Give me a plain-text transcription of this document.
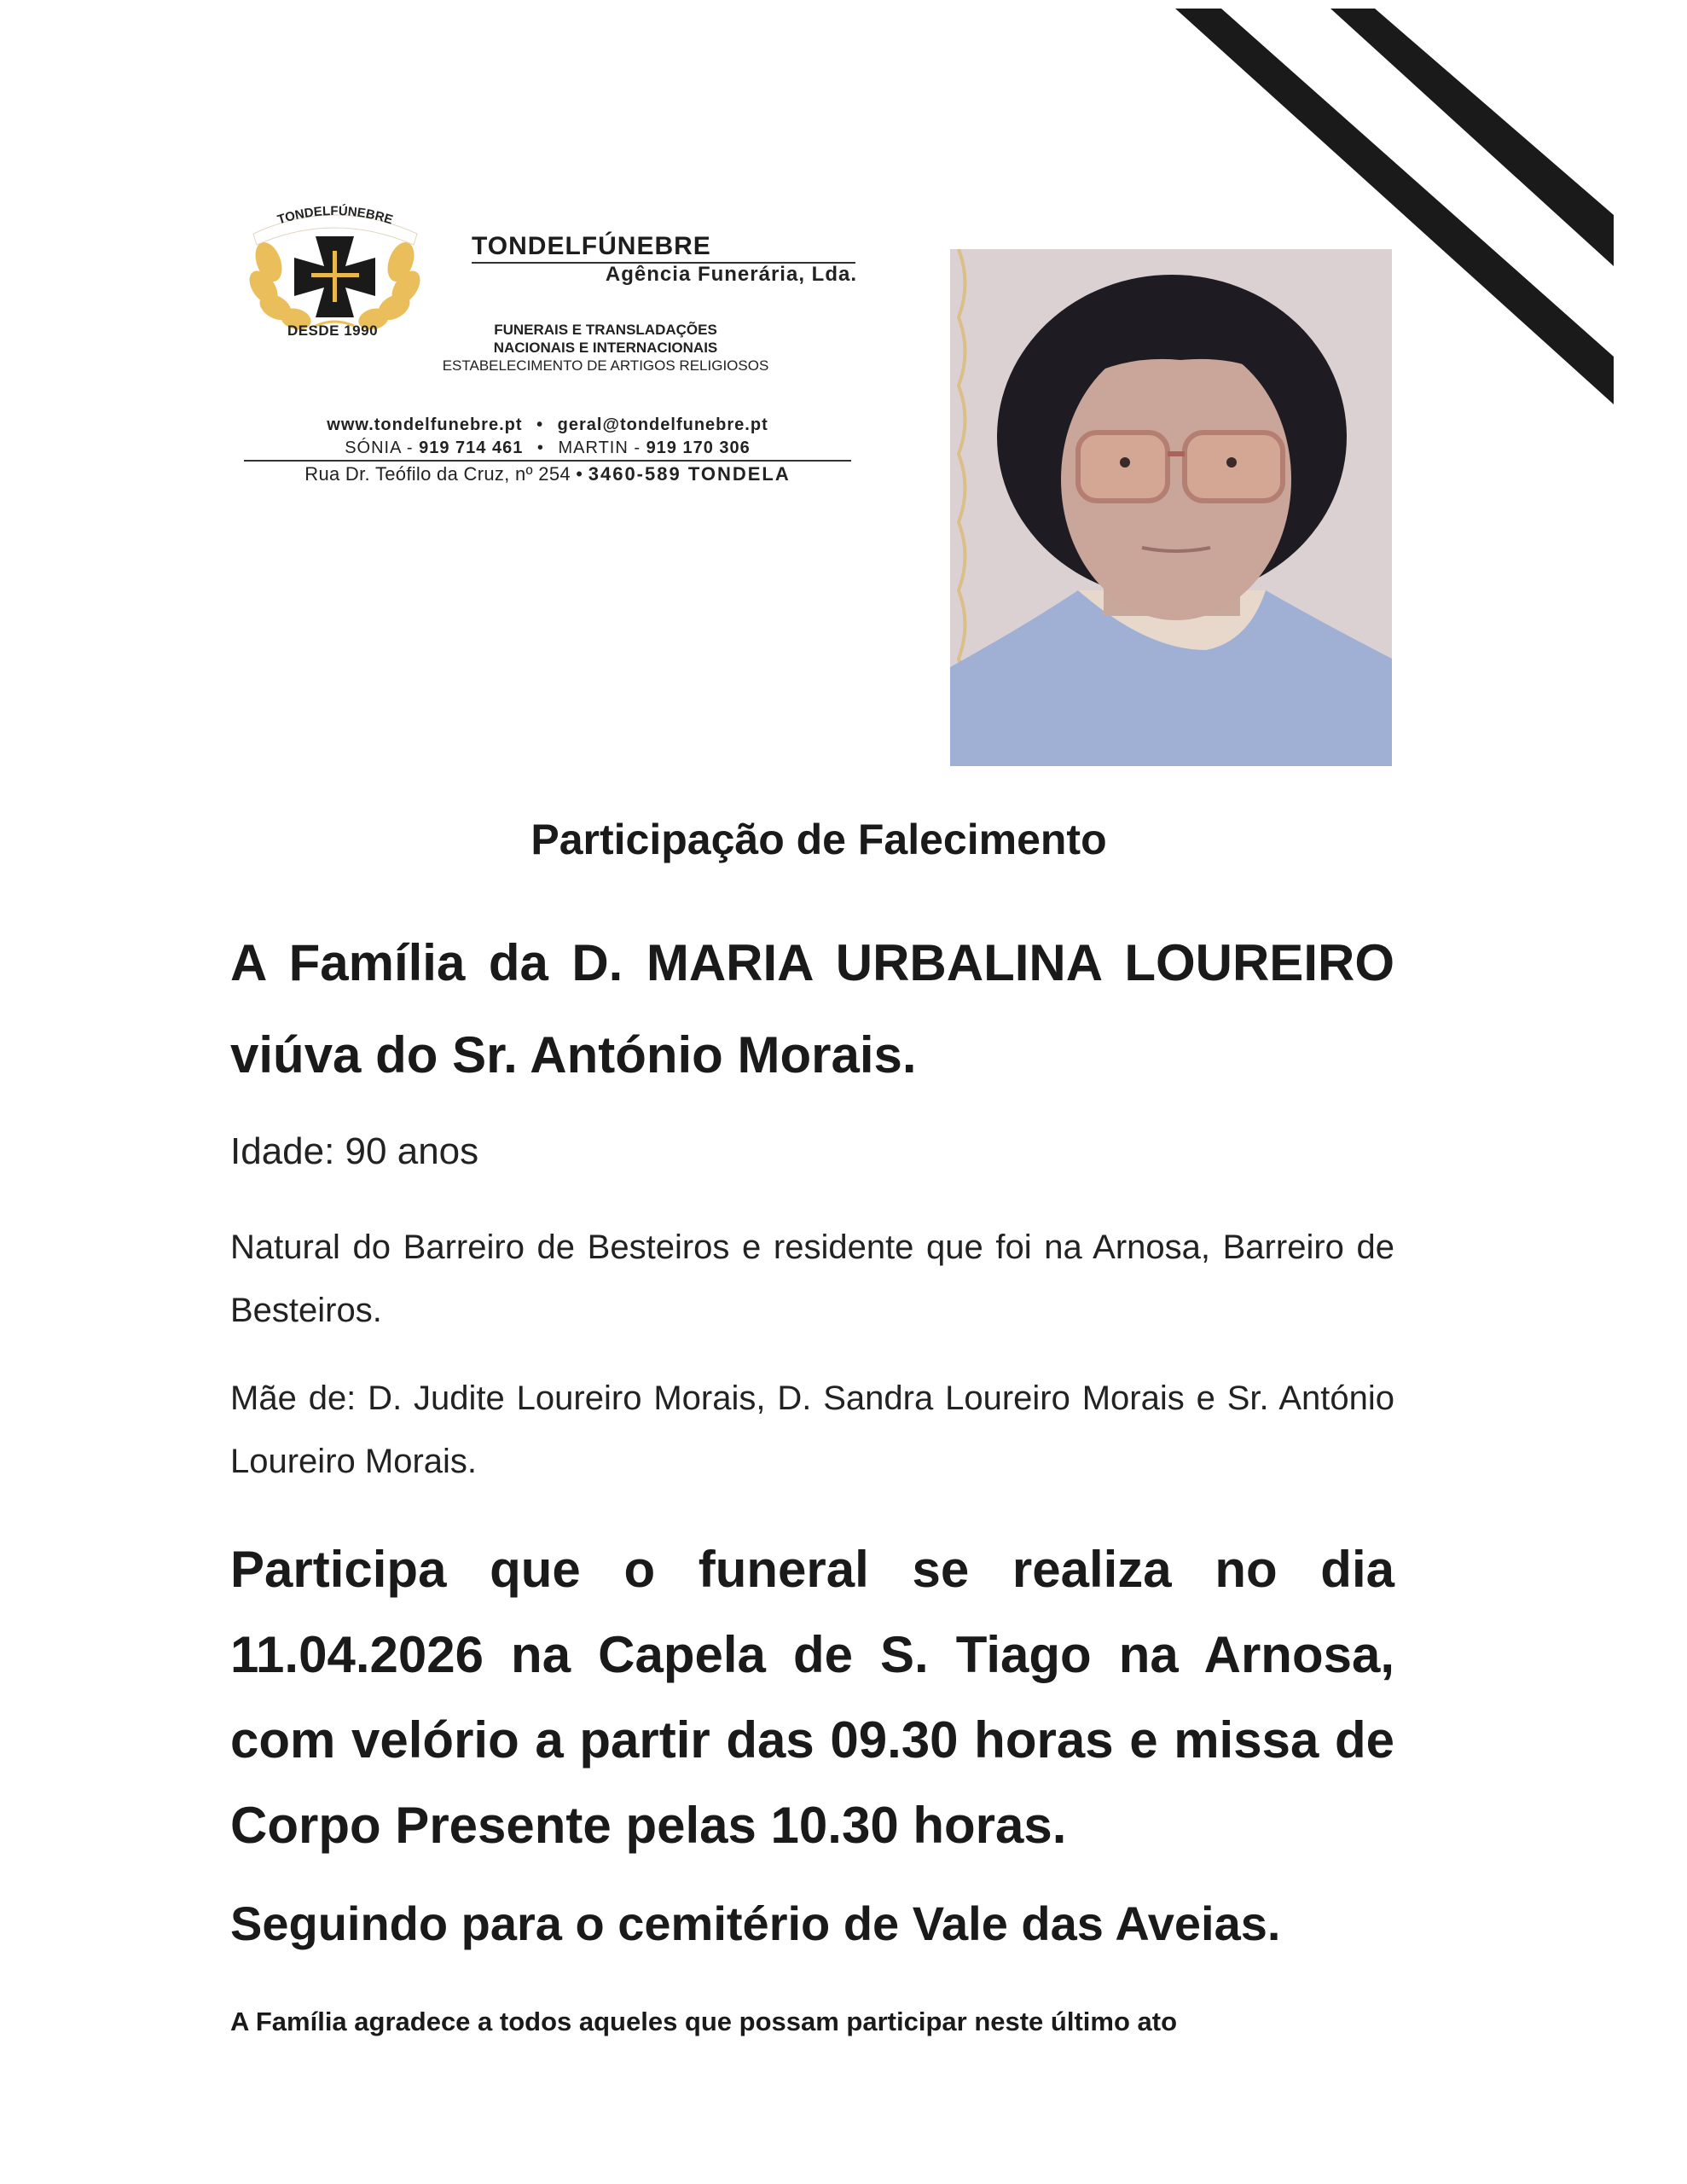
TONDELFÚNEBRE
DESDE 1990
TONDELFÚNEBRE
Agência Funerária, Lda.
FUNERAIS E TRANSLADAÇÕES
NACIONAIS E INTERNACIONAIS
ESTABELECIMENTO DE ARTIGOS RELIGIOSOS
www.tondelfunebre.pt • geral@tondelfunebre.pt
SÓNIA - 919 714 461 • MARTIN - 919 170 306
Rua Dr. Teófilo da Cruz, nº 254 • 3460-589 TONDELA
Participação de Falecimento
A Família da D. MARIA URBALINA LOUREIRO viúva do Sr. António Morais.
Idade: 90 anos
Natural do Barreiro de Besteiros e residente que foi na Arnosa, Barreiro de Besteiros.
Mãe de: D. Judite Loureiro Morais, D. Sandra Loureiro Morais e Sr. António Loureiro Morais.
Participa que o funeral se realiza no dia
11.04.2026 na Capela de S. Tiago na Arnosa,
com velório a partir das 09.30 horas e missa de
Corpo Presente pelas 10.30 horas.
Seguindo para o cemitério de Vale das Aveias.
A Família agradece a todos aqueles que possam participar neste último ato
